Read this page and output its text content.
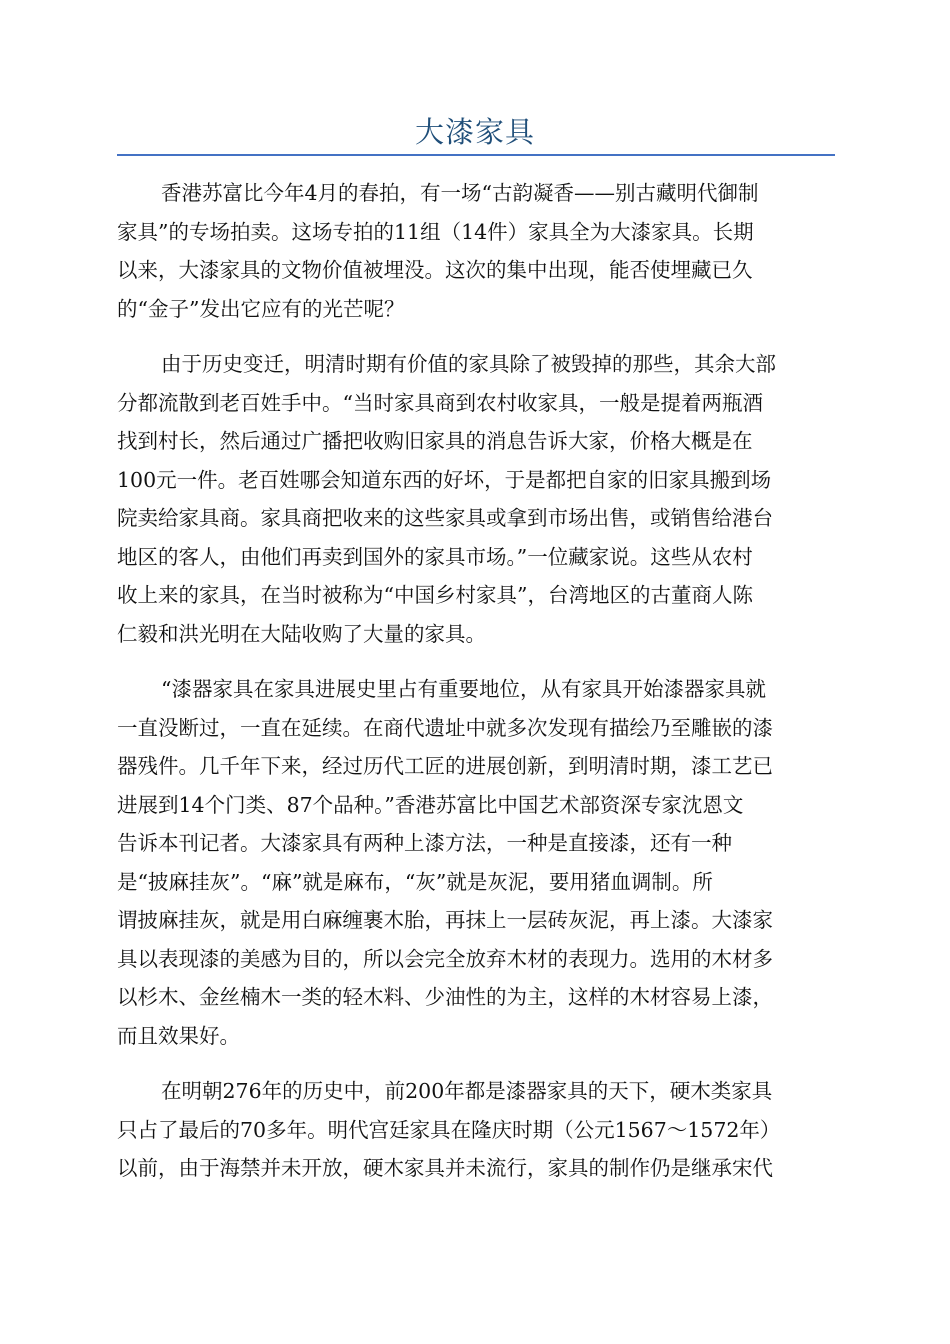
大漆家具
香港苏富比今年4月的春拍，有一场“古韵凝香——别古藏明代御制
家具”的专场拍卖。这场专拍的11组（14件）家具全为大漆家具。长期
以来，大漆家具的文物价值被埋没。这次的集中出现，能否使埋藏已久
的“金子”发出它应有的光芒呢？
由于历史变迁，明清时期有价值的家具除了被毁掉的那些，其余大部
分都流散到老百姓手中。“当时家具商到农村收家具，一般是提着两瓶酒
找到村长，然后通过广播把收购旧家具的消息告诉大家，价格大概是在
100元一件。老百姓哪会知道东西的好坏，于是都把自家的旧家具搬到场
院卖给家具商。家具商把收来的这些家具或拿到市场出售，或销售给港台
地区的客人，由他们再卖到国外的家具市场。”一位藏家说。这些从农村
收上来的家具，在当时被称为“中国乡村家具”，台湾地区的古董商人陈
仁毅和洪光明在大陆收购了大量的家具。
“漆器家具在家具进展史里占有重要地位，从有家具开始漆器家具就
一直没断过，一直在延续。在商代遗址中就多次发现有描绘乃至雕嵌的漆
器残件。几千年下来，经过历代工匠的进展创新，到明清时期，漆工艺已
进展到14个门类、87个品种。”香港苏富比中国艺术部资深专家沈恩文
告诉本刊记者。大漆家具有两种上漆方法，一种是直接漆，还有一种
是“披麻挂灰”。“麻”就是麻布，“灰”就是灰泥，要用猪血调制。所
谓披麻挂灰，就是用白麻缠裹木胎，再抹上一层砖灰泥，再上漆。大漆家
具以表现漆的美感为目的，所以会完全放弃木材的表现力。选用的木材多
以杉木、金丝楠木一类的轻木料、少油性的为主，这样的木材容易上漆，
而且效果好。
在明朝276年的历史中，前200年都是漆器家具的天下，硬木类家具
只占了最后的70多年。明代宫廷家具在隆庆时期（公元1567～1572年）
以前，由于海禁并未开放，硬木家具并未流行，家具的制作仍是继承宋代
